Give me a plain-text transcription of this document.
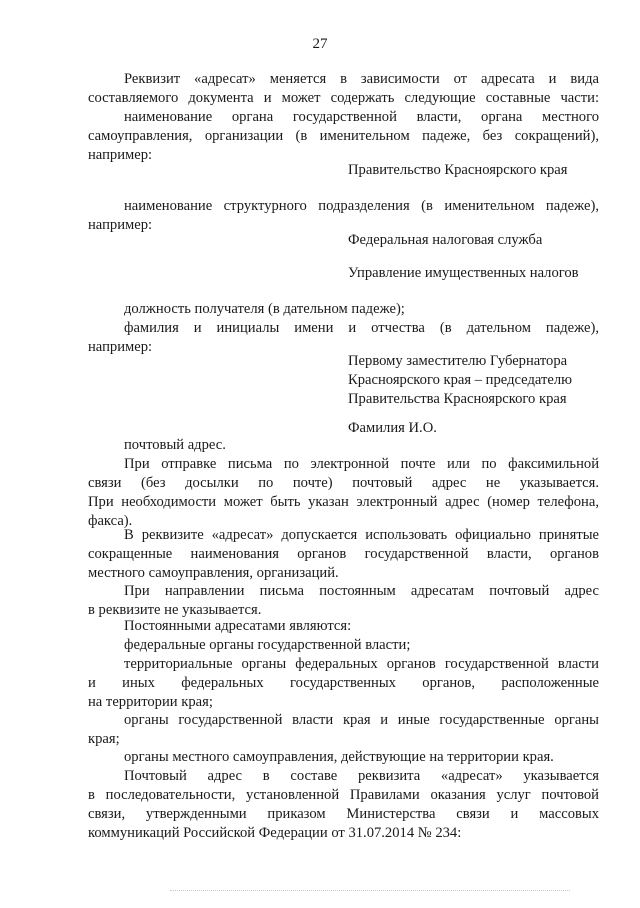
27
Реквизит «адресат» меняется в зависимости от адресата и вида
составляемого документа и может содержать следующие составные части:
наименование органа государственной власти, органа местного
самоуправления, организации (в именительном падеже, без сокращений),
например:
Правительство Красноярского края
наименование структурного подразделения (в именительном падеже),
например:
Федеральная налоговая служба
Управление имущественных налогов
должность получателя (в дательном падеже);
фамилия и инициалы имени и отчества (в дательном падеже),
например:
Первому заместителю Губернатора
Красноярского края – председателю
Правительства Красноярского края
Фамилия И.О.
почтовый адрес.
При отправке письма по электронной почте или по факсимильной
связи (без досылки по почте) почтовый адрес не указывается.
При необходимости может быть указан электронный адрес (номер телефона,
факса).
В реквизите «адресат» допускается использовать официально принятые
сокращенные наименования органов государственной власти, органов
местного самоуправления, организаций.
При направлении письма постоянным адресатам почтовый адрес
в реквизите не указывается.
Постоянными адресатами являются:
федеральные органы государственной власти;
территориальные органы федеральных органов государственной власти
и иных федеральных государственных органов, расположенные
на территории края;
органы государственной власти края и иные государственные органы
края;
органы местного самоуправления, действующие на территории края.
Почтовый адрес в составе реквизита «адресат» указывается
в последовательности, установленной Правилами оказания услуг почтовой
связи, утвержденными приказом Министерства связи и массовых
коммуникаций Российской Федерации от 31.07.2014 № 234:
